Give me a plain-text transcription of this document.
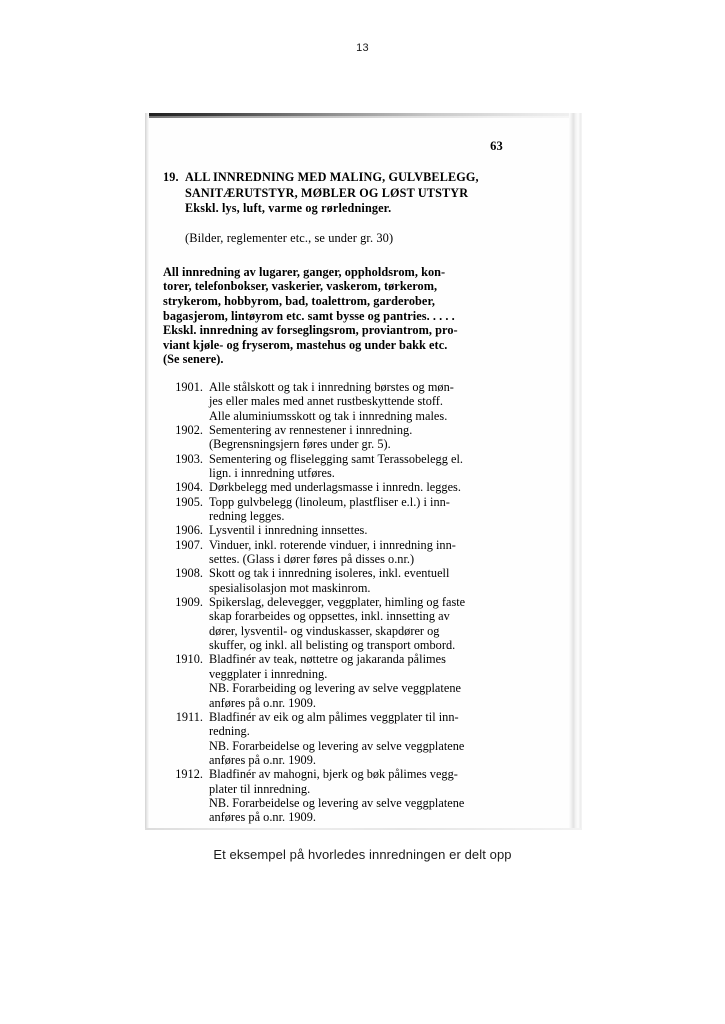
13
63
19. ALL INNREDNING MED MALING, GULVBELEGG,
SANITÆRUTSTYR, MØBLER OG LØST UTSTYR
Ekskl. lys, luft, varme og rørledninger.
(Bilder, reglementer etc., se under gr. 30)
All innredning av lugarer, ganger, oppholdsrom, kon-
torer, telefonbokser, vaskerier, vaskerom, tørkerom,
strykerom, hobbyrom, bad, toalettrom, garderober,
bagasjerom, lintøyrom etc. samt bysse og pantries. . . . .
Ekskl. innredning av forseglingsrom, proviantrom, pro-
viant kjøle- og fryserom, mastehus og under bakk etc.
(Se senere).
1901. Alle stålskott og tak i innredning børstes og møn-
jes eller males med annet rustbeskyttende stoff.
Alle aluminiumsskott og tak i innredning males.
1902. Sementering av rennestener i innredning.
(Begrensningsjern føres under gr. 5).
1903. Sementering og fliselegging samt Terassobelegg el.
lign. i innredning utføres.
1904. Dørkbelegg med underlagsmasse i innredn. legges.
1905. Topp gulvbelegg (linoleum, plastfliser e.l.) i inn-
redning legges.
1906. Lysventil i innredning innsettes.
1907. Vinduer, inkl. roterende vinduer, i innredning inn-
settes. (Glass i dører føres på disses o.nr.)
1908. Skott og tak i innredning isoleres, inkl. eventuell
spesialisolasjon mot maskinrom.
1909. Spikerslag, delevegger, veggplater, himling og faste
skap forarbeides og oppsettes, inkl. innsetting av
dører, lysventil- og vinduskasser, skapdører og
skuffer, og inkl. all belisting og transport ombord.
1910. Bladfinér av teak, nøttetre og jakaranda pålimes
veggplater i innredning.
NB. Forarbeiding og levering av selve veggplatene
anføres på o.nr. 1909.
1911. Bladfinér av eik og alm pålimes veggplater til inn-
redning.
NB. Forarbeidelse og levering av selve veggplatene
anføres på o.nr. 1909.
1912. Bladfinér av mahogni, bjerk og bøk pålimes vegg-
plater til innredning.
NB. Forarbeidelse og levering av selve veggplatene
anføres på o.nr. 1909.
Et eksempel på hvorledes innredningen er delt opp
